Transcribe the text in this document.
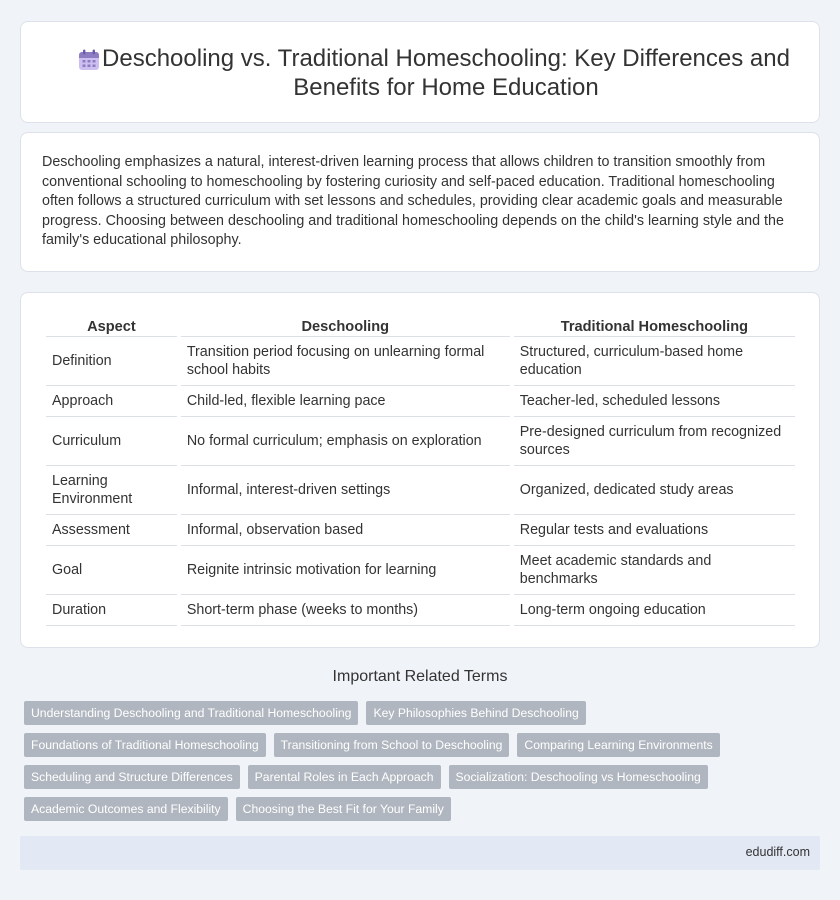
Deschooling vs. Traditional Homeschooling: Key Differences and Benefits for Home Education

Deschooling emphasizes a natural, interest-driven learning process that allows children to transition smoothly from conventional schooling to homeschooling by fostering curiosity and self-paced education. Traditional homeschooling often follows a structured curriculum with set lessons and schedules, providing clear academic goals and measurable progress. Choosing between deschooling and traditional homeschooling depends on the child's learning style and the family's educational philosophy.

Aspect	Deschooling	Traditional Homeschooling
Definition	Transition period focusing on unlearning formal school habits	Structured, curriculum-based home education
Approach	Child-led, flexible learning pace	Teacher-led, scheduled lessons
Curriculum	No formal curriculum; emphasis on exploration	Pre-designed curriculum from recognized sources
Learning Environment	Informal, interest-driven settings	Organized, dedicated study areas
Assessment	Informal, observation based	Regular tests and evaluations
Goal	Reignite intrinsic motivation for learning	Meet academic standards and benchmarks
Duration	Short-term phase (weeks to months)	Long-term ongoing education
Important Related Terms
Understanding Deschooling and Traditional Homeschooling	Key Philosophies Behind Deschooling
Foundations of Traditional Homeschooling	Transitioning from School to Deschooling	Comparing Learning Environments
Scheduling and Structure Differences	Parental Roles in Each Approach	Socialization: Deschooling vs Homeschooling
Academic Outcomes and Flexibility	Choosing the Best Fit for Your Family
edudiff.com
